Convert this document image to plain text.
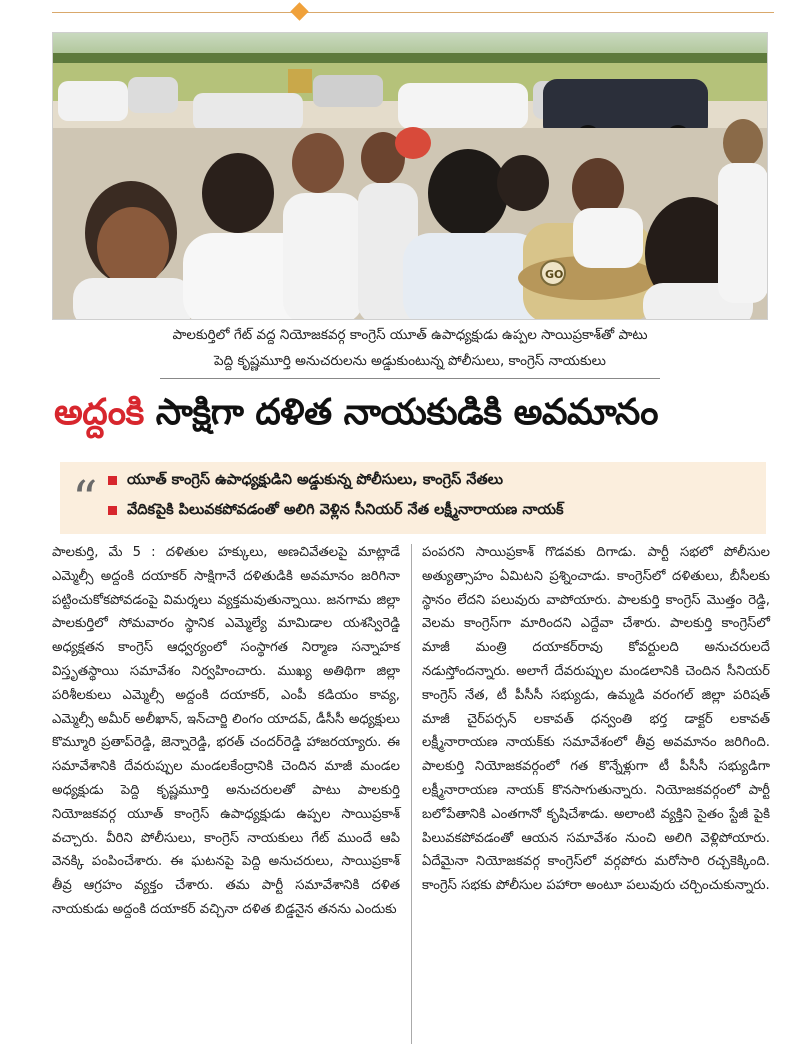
GO
పాలకుర్తిలో గేట్ వద్ద నియోజకవర్గ కాంగ్రెస్ యూత్ ఉపాధ్యక్షుడు ఉప్పల సాయిప్రకాశ్‌తో పాటు
పెద్ది కృష్ణమూర్తి అనుచరులను అడ్డుకుంటున్న పోలీసులు, కాంగ్రెస్ నాయకులు
అద్దంకి సాక్షిగా దళిత నాయకుడికి అవమానం
“	యూత్ కాంగ్రెస్ ఉపాధ్యక్షుడిని అడ్డుకున్న పోలీసులు, కాంగ్రెస్ నేతలు
వేదికపైకి పిలువకపోవడంతో అలిగి వెళ్లిన సీనియర్ నేత లక్ష్మీనారాయణ నాయక్

పాలకుర్తి, మే 5 : దళితుల హక్కులు, అణచివేతలపై మాట్లాడే ఎమ్మెల్సీ అద్దంకి దయాకర్ సాక్షిగానే దళితుడికి అవమానం జరిగినా పట్టించుకోకపోవడంపై విమర్శలు వ్యక్తమవుతున్నాయి. జనగామ జిల్లా పాలకుర్తిలో సోమవారం స్థానిక ఎమ్మెల్యే మామిడాల యశస్విరెడ్డి అధ్యక్షతన కాంగ్రెస్ ఆధ్వర్యంలో సంస్థాగత నిర్మాణ సన్నాహక విస్తృతస్థాయి సమావేశం నిర్వహించారు. ముఖ్య అతిథిగా జిల్లా పరిశీలకులు ఎమ్మెల్సీ అద్దంకి దయాకర్, ఎంపీ కడియం కావ్య, ఎమ్మెల్సీ అమీర్ అలీఖాన్, ఇన్‌చార్జి లింగం యాదవ్, డీసీసీ అధ్యక్షులు కొమ్మూరి ప్రతాప్‌రెడ్డి, జెన్నారెడ్డి, భరత్ చందర్‌రెడ్డి హాజరయ్యారు. ఈ సమావేశానికి దేవరుప్పుల మండలకేంద్రానికి చెందిన మాజీ మండల అధ్యక్షుడు పెద్ది కృష్ణమూర్తి అనుచరులతో పాటు పాలకుర్తి నియోజకవర్గ యూత్ కాంగ్రెస్ ఉపాధ్యక్షుడు ఉప్పల సాయిప్రకాశ్ వచ్చారు. వీరిని పోలీసులు, కాంగ్రెస్ నాయకులు గేట్ ముందే ఆపి వెనక్కి పంపించేశారు. ఈ ఘటనపై పెద్ది అనుచరులు, సాయిప్రకాశ్ తీవ్ర ఆగ్రహం వ్యక్తం చేశారు. తమ పార్టీ సమావేశానికి దళిత నాయకుడు అద్దంకి దయాకర్ వచ్చినా దళిత బిడ్డనైన తనను ఎందుకు

పంపరని సాయిప్రకాశ్ గొడవకు దిగాడు. పార్టీ సభలో పోలీసుల అత్యుత్సాహం ఏమిటని ప్రశ్నించాడు. కాంగ్రెస్‌లో దళితులు, బీసీలకు స్థానం లేదని పలువురు వాపోయారు. పాలకుర్తి కాంగ్రెస్ మొత్తం రెడ్డి, వెలమ కాంగ్రెస్‌గా మారిందని ఎద్దేవా చేశారు. పాలకుర్తి కాంగ్రెస్‌లో మాజీ మంత్రి దయాకర్‌రావు కోవర్టులది అనుచరులదే నడుస్తోందన్నారు. అలాగే దేవరుప్పుల మండలానికి చెందిన సీనియర్ కాంగ్రెస్ నేత, టీ పీసీసీ సభ్యుడు, ఉమ్మడి వరంగల్ జిల్లా పరిషత్ మాజీ చైర్‌పర్సన్ లకావత్ ధన్వంతి భర్త డాక్టర్ లకావత్ లక్ష్మీనారాయణ నాయక్‌కు సమావేశంలో తీవ్ర అవమానం జరిగింది. పాలకుర్తి నియోజకవర్గంలో గత కొన్నేళ్లుగా టీ పీసీసీ సభ్యుడిగా లక్ష్మీనారాయణ నాయక్ కొనసాగుతున్నారు. నియోజకవర్గంలో పార్టీ బలోపేతానికి ఎంతగానో కృషిచేశాడు. అలాంటి వ్యక్తిని సైతం స్టేజీ పైకి పిలువకపోవడంతో ఆయన సమావేశం నుంచి అలిగి వెళ్లిపోయారు. ఏదేమైనా నియోజకవర్గ కాంగ్రెస్‌లో వర్గపోరు మరోసారి రచ్చకెక్కింది. కాంగ్రెస్ సభకు పోలీసుల పహారా అంటూ పలువురు చర్చించుకున్నారు.
